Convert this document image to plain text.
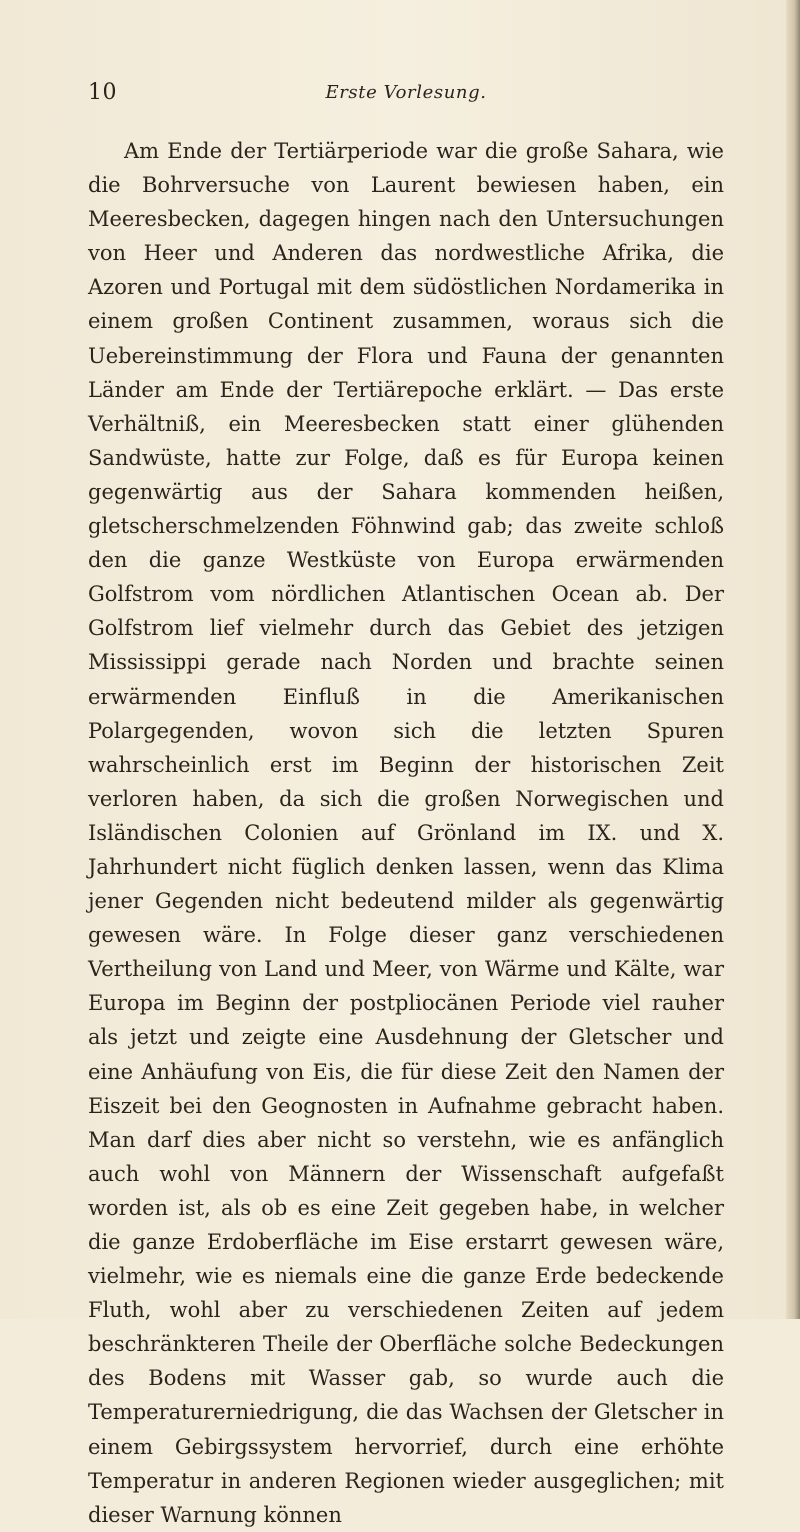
10	Erste Vorlesung.

Am Ende der Tertiärperiode war die große Sahara, wie die Bohrversuche von Laurent bewiesen haben, ein Meeresbecken, dagegen hingen nach den Untersuchungen von Heer und Anderen das nordwestliche Afrika, die Azoren und Portugal mit dem südöstlichen Nordamerika in einem großen Continent zusammen, woraus sich die Uebereinstimmung der Flora und Fauna der genannten Länder am Ende der Tertiärepoche erklärt. — Das erste Verhältniß, ein Meeresbecken statt einer glühenden Sandwüste, hatte zur Folge, daß es für Europa keinen gegenwärtig aus der Sahara kommenden heißen, gletscherschmelzenden Föhnwind gab; das zweite schloß den die ganze Westküste von Europa erwärmenden Golfstrom vom nördlichen Atlantischen Ocean ab. Der Golfstrom lief vielmehr durch das Gebiet des jetzigen Mississippi gerade nach Norden und brachte seinen erwärmenden Einfluß in die Amerikanischen Polargegenden, wovon sich die letzten Spuren wahrscheinlich erst im Beginn der historischen Zeit verloren haben, da sich die großen Norwegischen und Isländischen Colonien auf Grönland im IX. und X. Jahrhundert nicht füglich denken lassen, wenn das Klima jener Gegenden nicht bedeutend milder als gegenwärtig gewesen wäre. In Folge dieser ganz verschiedenen Vertheilung von Land und Meer, von Wärme und Kälte, war Europa im Beginn der postpliocänen Periode viel rauher als jetzt und zeigte eine Ausdehnung der Gletscher und eine Anhäufung von Eis, die für diese Zeit den Namen der Eiszeit bei den Geognosten in Aufnahme gebracht haben. Man darf dies aber nicht so verstehn, wie es anfänglich auch wohl von Männern der Wissenschaft aufgefaßt worden ist, als ob es eine Zeit gegeben habe, in welcher die ganze Erdoberfläche im Eise erstarrt gewesen wäre, vielmehr, wie es niemals eine die ganze Erde bedeckende Fluth, wohl aber zu verschiedenen Zeiten auf jedem beschränkteren Theile der Oberfläche solche Bedeckungen des Bodens mit Wasser gab, so wurde auch die Temperaturerniedrigung, die das Wachsen der Gletscher in einem Gebirgssystem hervorrief, durch eine erhöhte Temperatur in anderen Regionen wieder ausgeglichen; mit dieser Warnung können
